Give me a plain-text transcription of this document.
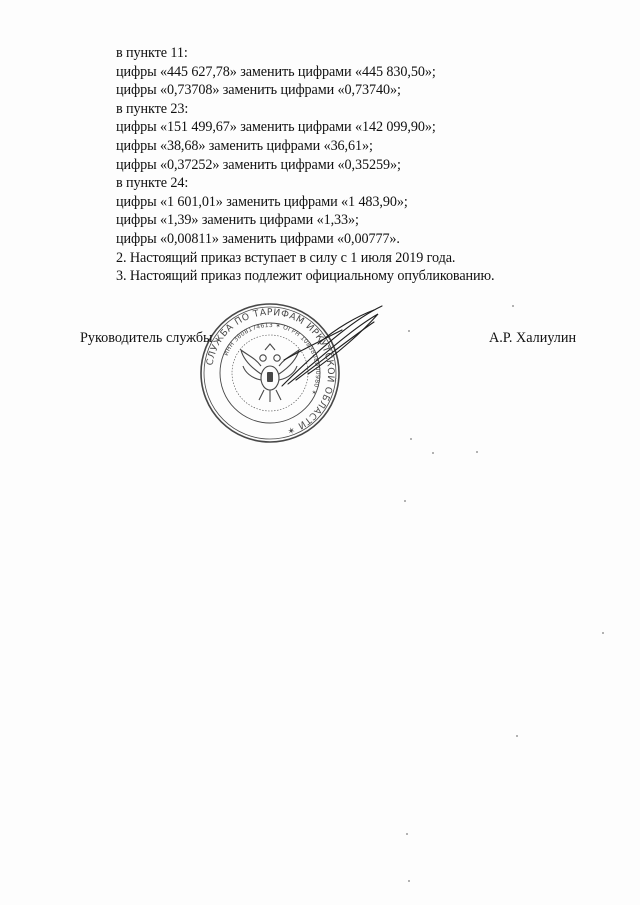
в пункте 11:
цифры «445 627,78» заменить цифрами «445 830,50»;
цифры «0,73708» заменить цифрами «0,73740»;
в пункте 23:
цифры «151 499,67» заменить цифрами «142 099,90»;
цифры «38,68» заменить цифрами «36,61»;
цифры «0,37252» заменить цифрами «0,35259»;
в пункте 24:
цифры «1 601,01» заменить цифрами «1 483,90»;
цифры «1,39» заменить цифрами «1,33»;
цифры «0,00811» заменить цифрами «0,00777».
2. Настоящий приказ вступает в силу с 1 июля 2019 года.
3. Настоящий приказ подлежит официальному опубликованию.
СЛУЖБА ПО ТАРИФАМ ИРКУТСКОЙ ОБЛАСТИ ✶
ИНН 3808174613 ✶ ОГРН 1083808000980 ✶
Руководитель службы	А.Р. Халиулин
